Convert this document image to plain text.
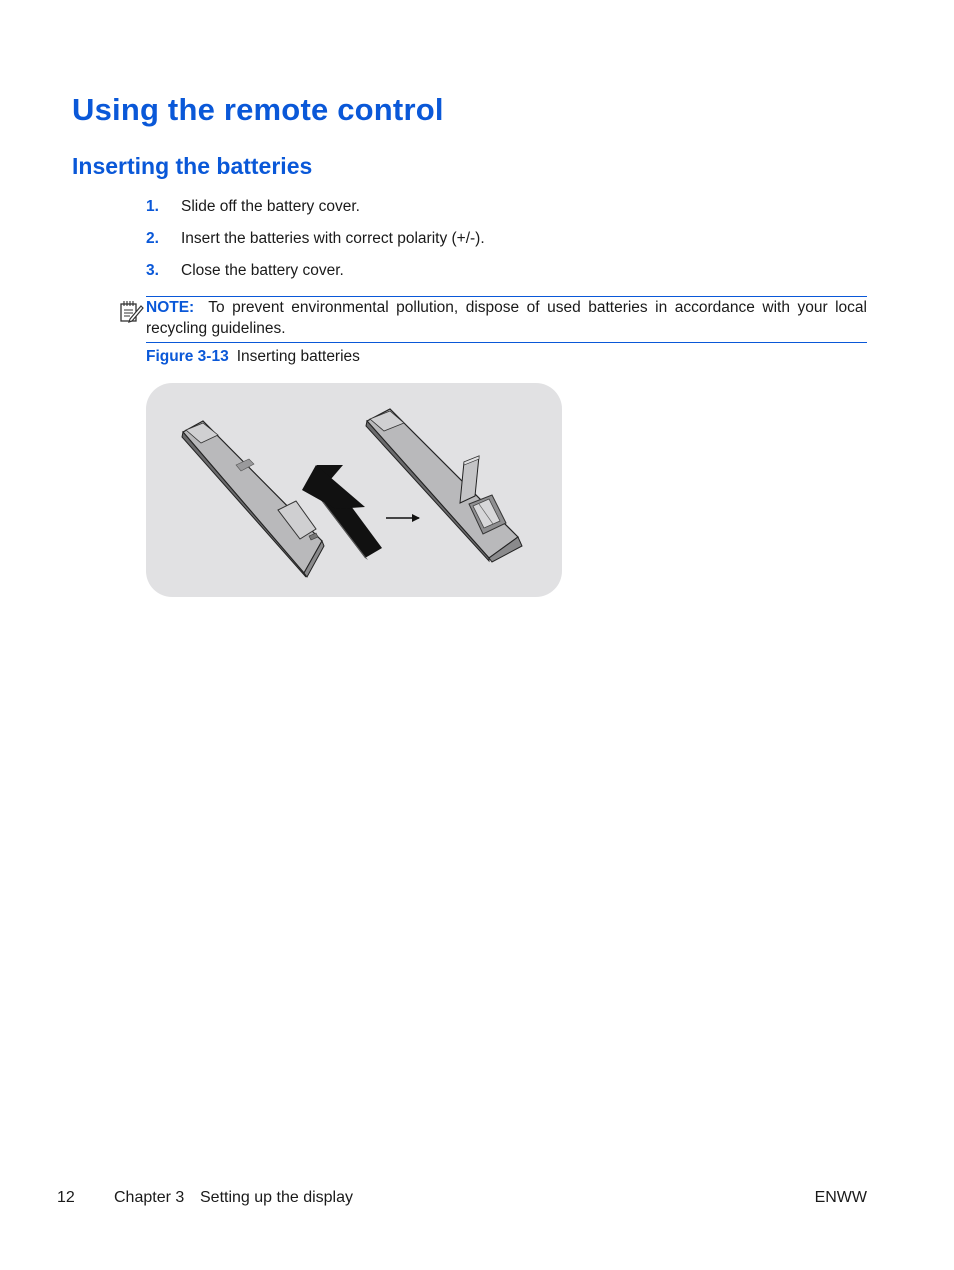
Using the remote control
Inserting the batteries
1.	Slide off the battery cover.
2.	Insert the batteries with correct polarity (+/-).
3.	Close the battery cover.
NOTE: To prevent environmental pollution, dispose of used batteries in accordance with your local recycling guidelines.
Figure 3-13 Inserting batteries
12 Chapter 3 Setting up the display	ENWW
